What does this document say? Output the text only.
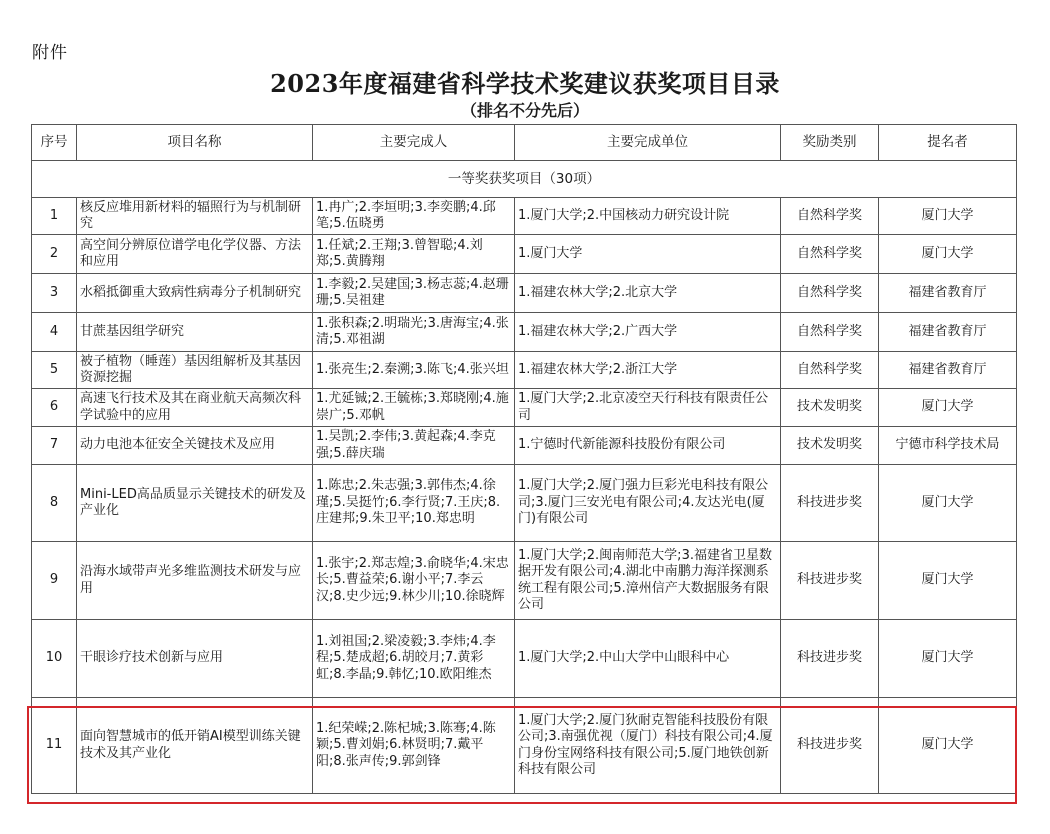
附件
2023年度福建省科学技术奖建议获奖项目目录
（排名不分先后）
序号	项目名称	主要完成人	主要完成单位	奖励类别	提名者
一等奖获奖项目（30项）					
1	核反应堆用新材料的辐照行为与机制研究	1.冉广;2.李垣明;3.李奕鹏;4.邱笔;5.伍晓勇	1.厦门大学;2.中国核动力研究设计院	自然科学奖	厦门大学
2	高空间分辨原位谱学电化学仪器、方法和应用	1.任斌;2.王翔;3.曾智聪;4.刘郑;5.黄腾翔	1.厦门大学	自然科学奖	厦门大学
3	水稻抵御重大致病性病毒分子机制研究	1.李毅;2.吴建国;3.杨志蕊;4.赵珊珊;5.吴祖建	1.福建农林大学;2.北京大学	自然科学奖	福建省教育厅
4	甘蔗基因组学研究	1.张积森;2.明瑞光;3.唐海宝;4.张清;5.邓祖湖	1.福建农林大学;2.广西大学	自然科学奖	福建省教育厅
5	被子植物（睡莲）基因组解析及其基因资源挖掘	1.张亮生;2.秦溯;3.陈飞;4.张兴坦	1.福建农林大学;2.浙江大学	自然科学奖	福建省教育厅
6	高速飞行技术及其在商业航天高频次科学试验中的应用	1.尤延铖;2.王毓栋;3.郑晓刚;4.施崇广;5.邓帆	1.厦门大学;2.北京凌空天行科技有限责任公司	技术发明奖	厦门大学
7	动力电池本征安全关键技术及应用	1.吴凯;2.李伟;3.黄起森;4.李克强;5.薛庆瑞	1.宁德时代新能源科技股份有限公司	技术发明奖	宁德市科学技术局
8	Mini-LED高品质显示关键技术的研发及产业化	1.陈忠;2.朱志强;3.郭伟杰;4.徐瑾;5.吴挺竹;6.李行贤;7.王庆;8.庄建邦;9.朱卫平;10.郑忠明	1.厦门大学;2.厦门强力巨彩光电科技有限公司;3.厦门三安光电有限公司;4.友达光电(厦门)有限公司	科技进步奖	厦门大学
9	沿海水域带声光多维监测技术研发与应用	1.张宇;2.郑志煌;3.俞晓华;4.宋忠长;5.曹益荣;6.谢小平;7.李云汉;8.史少远;9.林少川;10.徐晓辉	1.厦门大学;2.闽南师范大学;3.福建省卫星数据开发有限公司;4.湖北中南鹏力海洋探测系统工程有限公司;5.漳州信产大数据服务有限公司	科技进步奖	厦门大学
10	干眼诊疗技术创新与应用	1.刘祖国;2.梁凌毅;3.李炜;4.李程;5.楚成超;6.胡皎月;7.黄彩虹;8.李晶;9.韩忆;10.欧阳维杰	1.厦门大学;2.中山大学中山眼科中心	科技进步奖	厦门大学
11	面向智慧城市的低开销AI模型训练关键技术及其产业化	1.纪荣嵘;2.陈杞城;3.陈骞;4.陈颖;5.曹刘娟;6.林贤明;7.戴平阳;8.张声传;9.郭剑锋	1.厦门大学;2.厦门狄耐克智能科技股份有限公司;3.南强优视（厦门）科技有限公司;4.厦门身份宝网络科技有限公司;5.厦门地铁创新科技有限公司	科技进步奖	厦门大学
